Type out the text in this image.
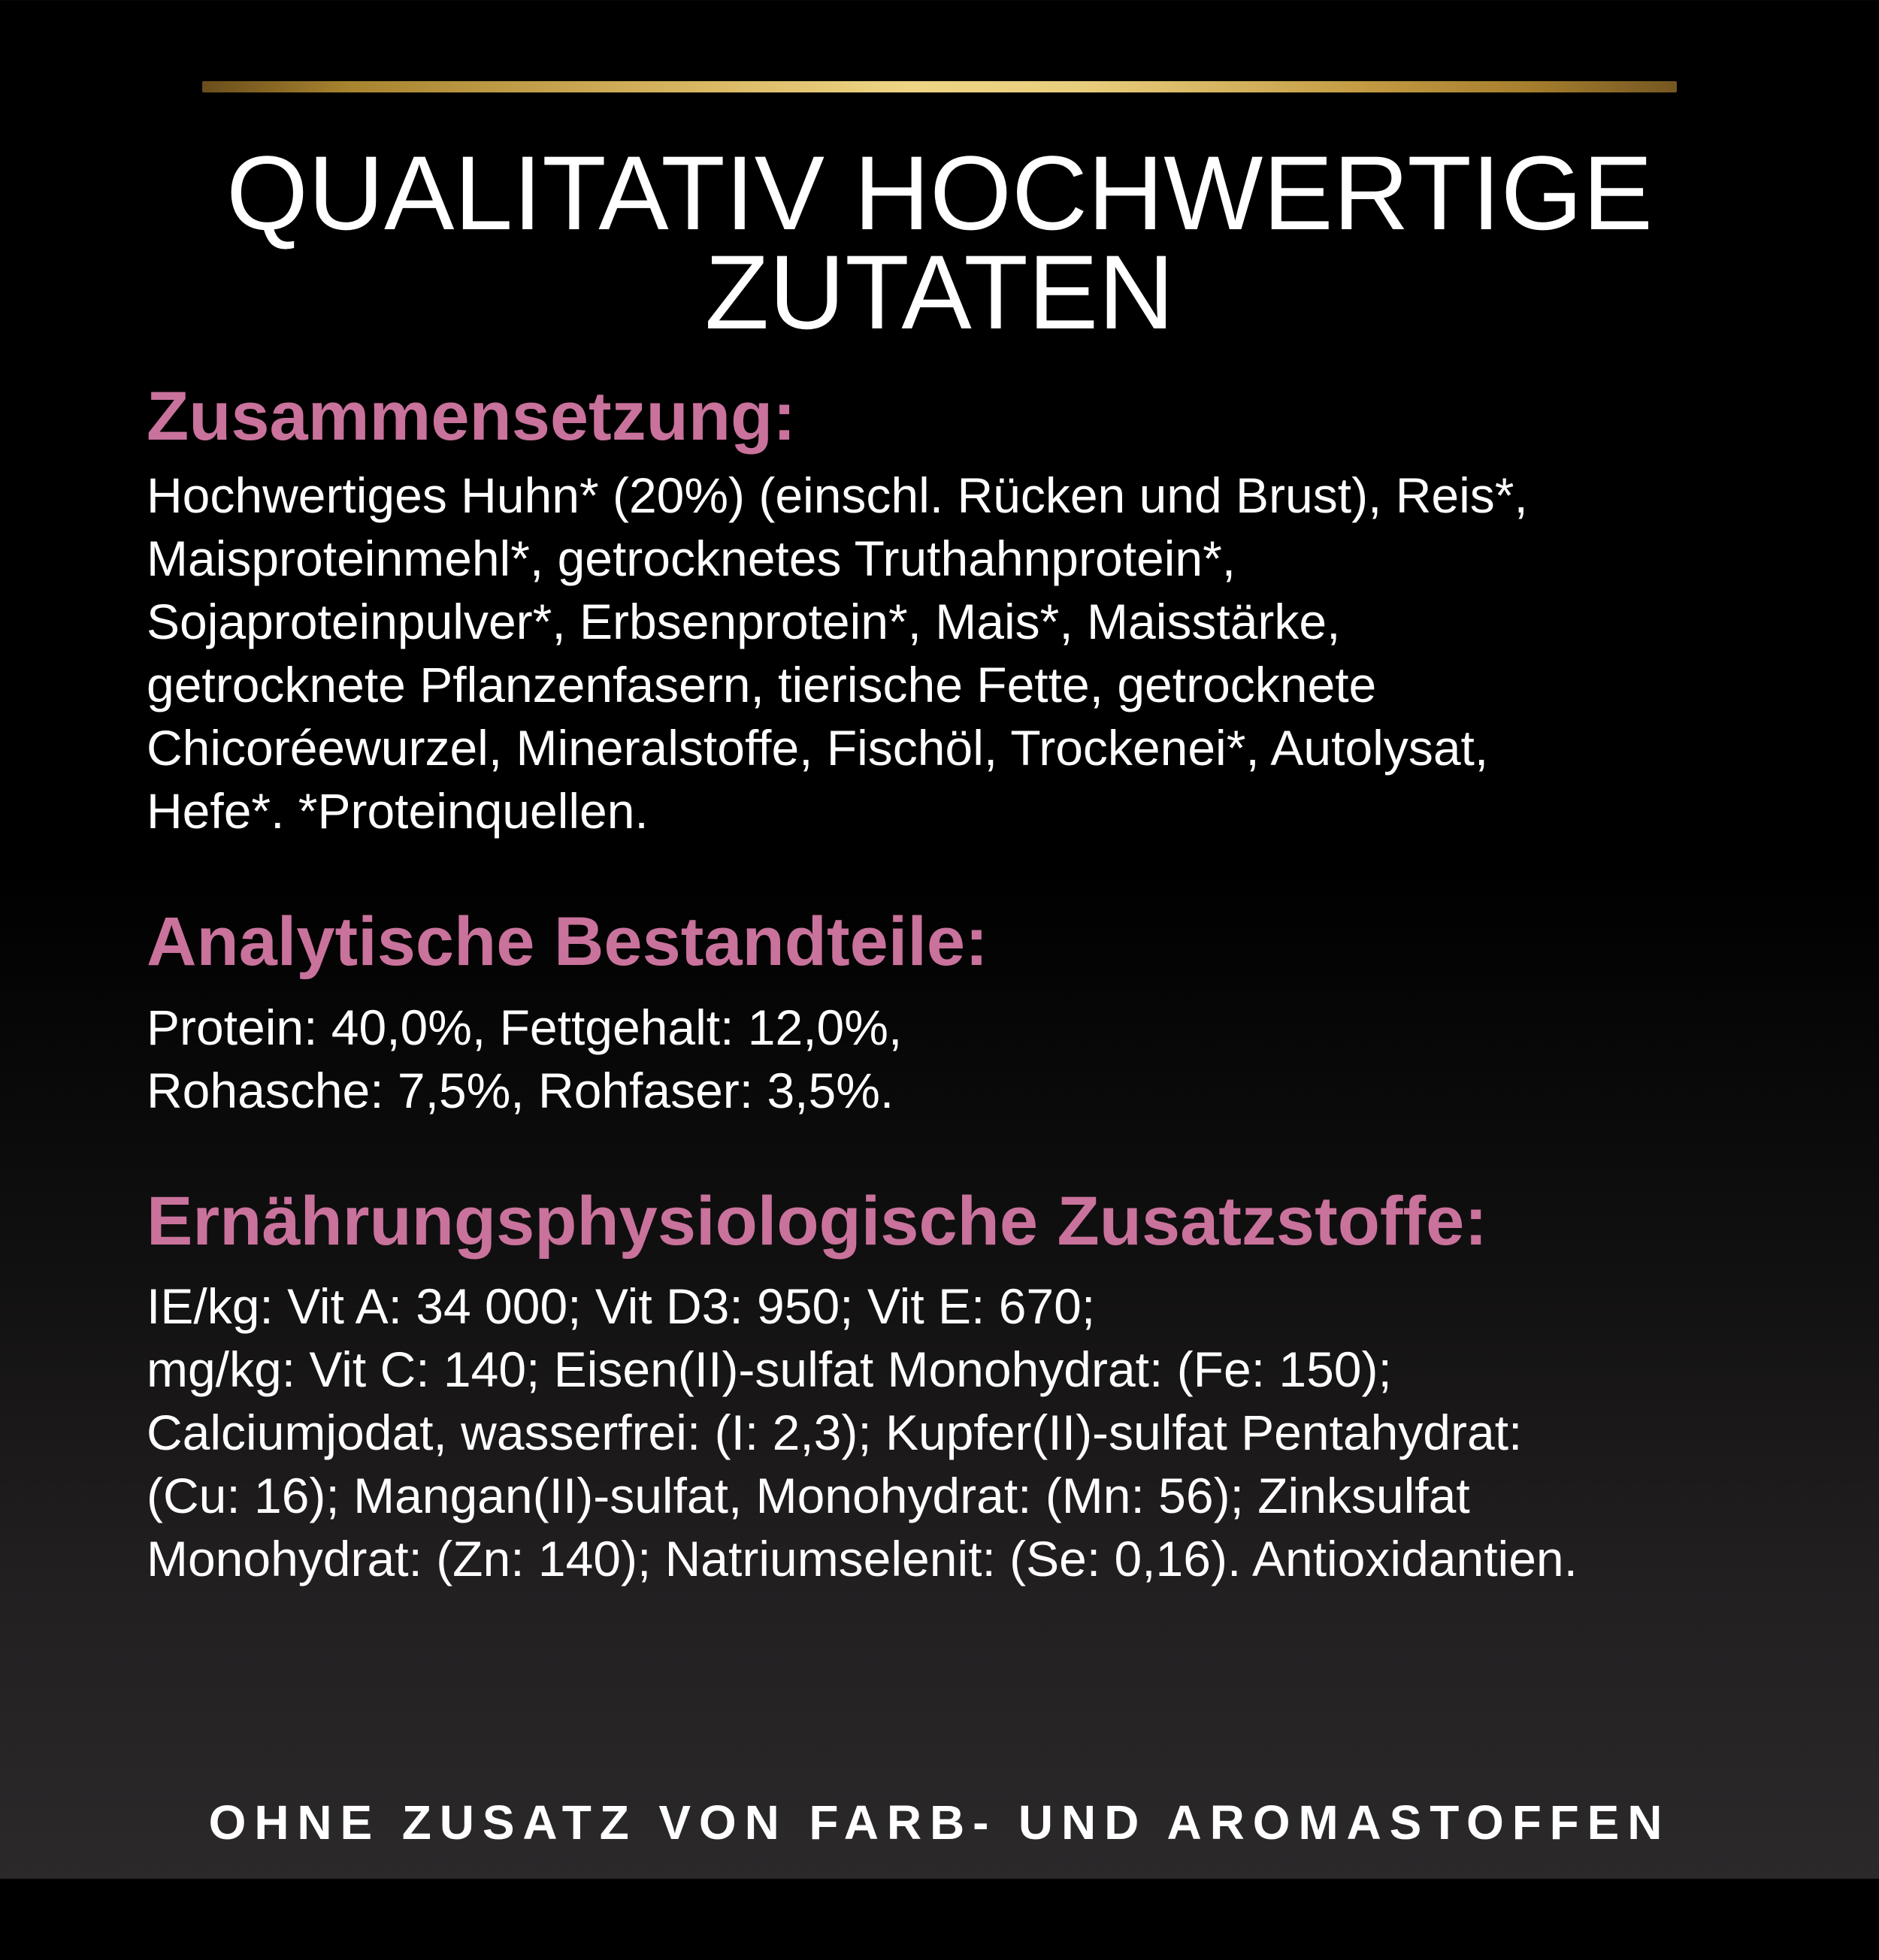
QUALITATIV HOCHWERTIGE
ZUTATEN
Zusammensetzung:
Hochwertiges Huhn* (20%) (einschl. Rücken und Brust), Reis*,
Maisproteinmehl*, getrocknetes Truthahnprotein*,
Sojaproteinpulver*, Erbsenprotein*, Mais*, Maisstärke,
getrocknete Pflanzenfasern, tierische Fette, getrocknete
Chicoréewurzel, Mineralstoffe, Fischöl, Trockenei*, Autolysat,
Hefe*. *Proteinquellen.
Analytische Bestandteile:
Protein: 40,0%, Fettgehalt: 12,0%,
Rohasche: 7,5%, Rohfaser: 3,5%.
Ernährungsphysiologische Zusatzstoffe:
IE/kg: Vit A: 34 000; Vit D3: 950; Vit E: 670;
mg/kg: Vit C: 140; Eisen(II)-sulfat Monohydrat: (Fe: 150);
Calciumjodat, wasserfrei: (I: 2,3); Kupfer(II)-sulfat Pentahydrat:
(Cu: 16); Mangan(II)-sulfat, Monohydrat: (Mn: 56); Zinksulfat
Monohydrat: (Zn: 140); Natriumselenit: (Se: 0,16). Antioxidantien.
OHNE ZUSATZ VON FARB- UND AROMASTOFFEN
